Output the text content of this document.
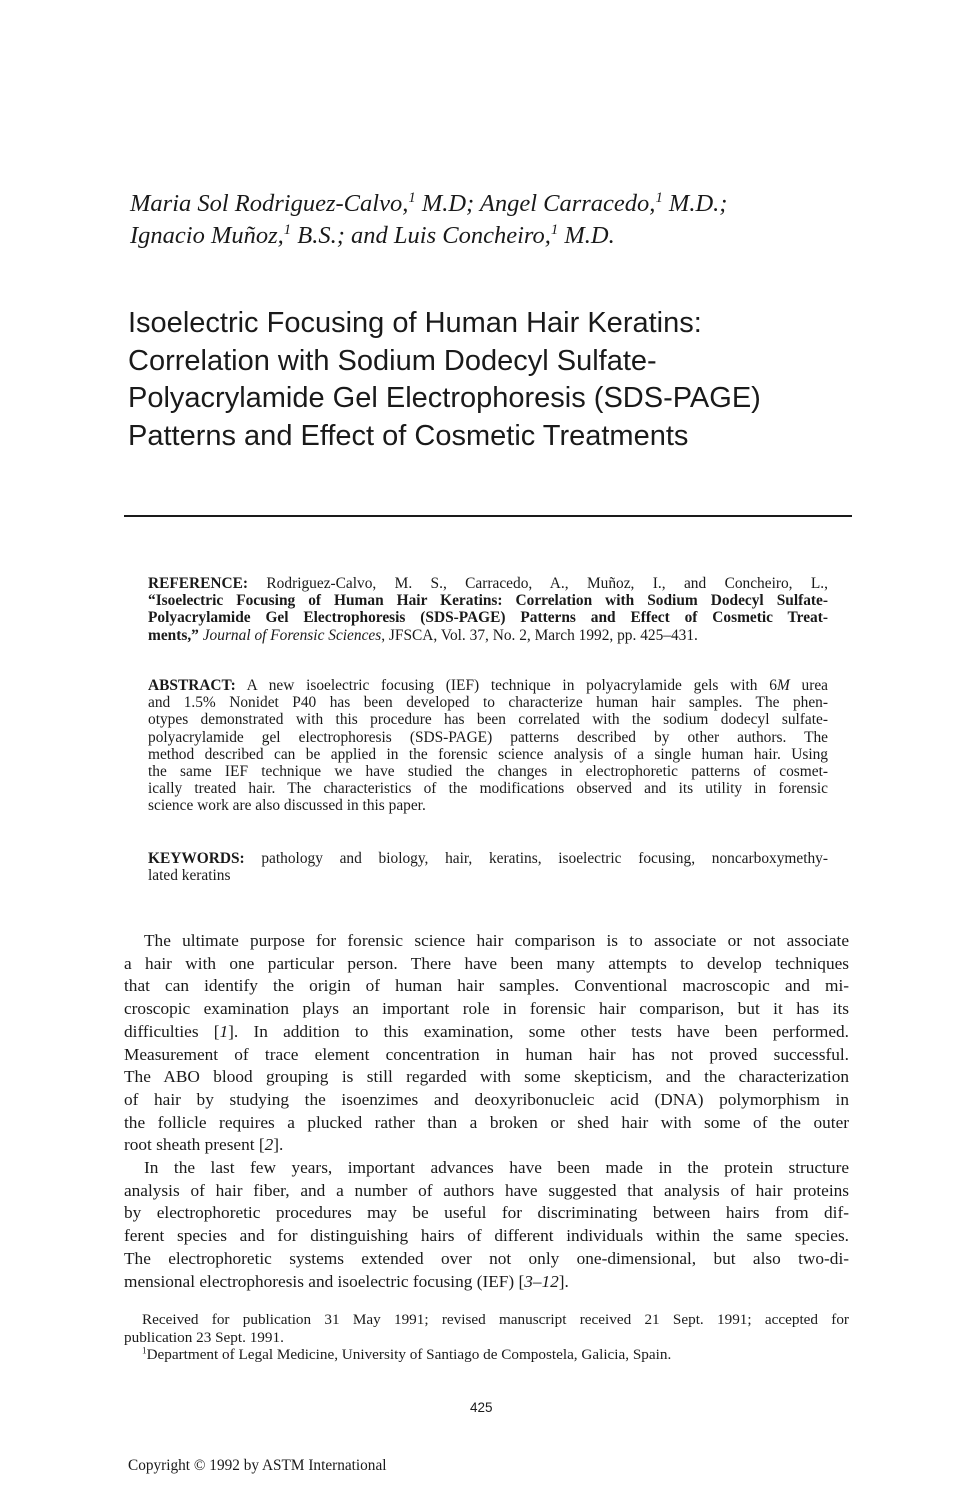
Maria Sol Rodriguez-Calvo,$^1$ M.D; Angel Carracedo,$^1$ M.D.;
Ignacio Muñoz,$^1$ B.S.; and Luis Concheiro,$^1$ M.D.
Isoelectric Focusing of Human Hair Keratins:
Correlation with Sodium Dodecyl Sulfate-
Polyacrylamide Gel Electrophoresis (SDS-PAGE)
Patterns and Effect of Cosmetic Treatments
REFERENCE: Rodriguez-Calvo, M. S., Carracedo, A., Muñoz, I., and Concheiro, L.,
“Isoelectric Focusing of Human Hair Keratins: Correlation with Sodium Dodecyl Sulfate-
Polyacrylamide Gel Electrophoresis (SDS-PAGE) Patterns and Effect of Cosmetic Treat-
ments,” Journal of Forensic Sciences, JFSCA, Vol. 37, No. 2, March 1992, pp. 425–431.
ABSTRACT: A new isoelectric focusing (IEF) technique in polyacrylamide gels with 6M urea
and 1.5% Nonidet P40 has been developed to characterize human hair samples. The phen-
otypes demonstrated with this procedure has been correlated with the sodium dodecyl sulfate-
polyacrylamide gel electrophoresis (SDS-PAGE) patterns described by other authors. The
method described can be applied in the forensic science analysis of a single human hair. Using
the same IEF technique we have studied the changes in electrophoretic patterns of cosmet-
ically treated hair. The characteristics of the modifications observed and its utility in forensic
science work are also discussed in this paper.
KEYWORDS: pathology and biology, hair, keratins, isoelectric focusing, noncarboxymethy-
lated keratins
The ultimate purpose for forensic science hair comparison is to associate or not associate
a hair with one particular person. There have been many attempts to develop techniques
that can identify the origin of human hair samples. Conventional macroscopic and mi-
croscopic examination plays an important role in forensic hair comparison, but it has its
difficulties [1]. In addition to this examination, some other tests have been performed.
Measurement of trace element concentration in human hair has not proved successful.
The ABO blood grouping is still regarded with some skepticism, and the characterization
of hair by studying the isoenzimes and deoxyribonucleic acid (DNA) polymorphism in
the follicle requires a plucked rather than a broken or shed hair with some of the outer
root sheath present [2].
In the last few years, important advances have been made in the protein structure
analysis of hair fiber, and a number of authors have suggested that analysis of hair proteins
by electrophoretic procedures may be useful for discriminating between hairs from dif-
ferent species and for distinguishing hairs of different individuals within the same species.
The electrophoretic systems extended over not only one-dimensional, but also two-di-
mensional electrophoresis and isoelectric focusing (IEF) [3–12].
Received for publication 31 May 1991; revised manuscript received 21 Sept. 1991; accepted for
publication 23 Sept. 1991.
$^1$Department of Legal Medicine, University of Santiago de Compostela, Galicia, Spain.
425
Copyright © 1992 by ASTM International
